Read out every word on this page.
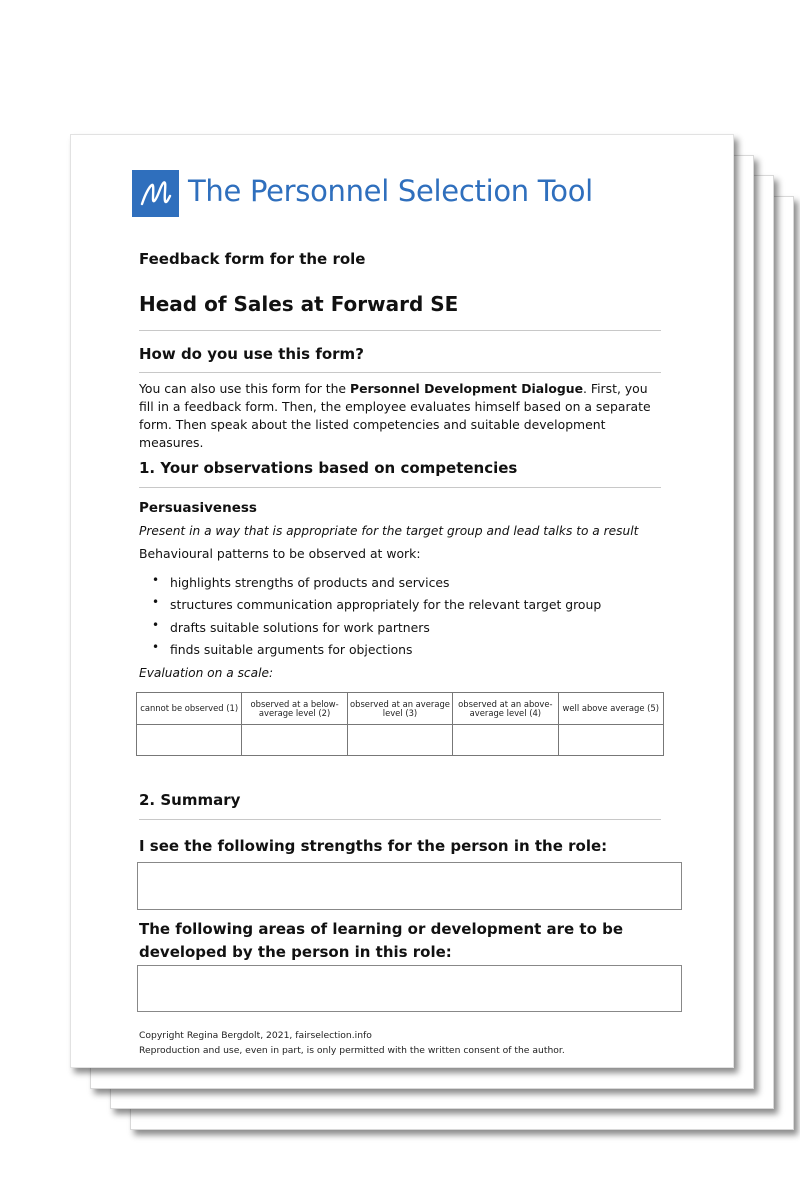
The Personnel Selection Tool
Feedback form for the role
Head of Sales at Forward SE
How do you use this form?
You can also use this form for the Personnel Development Dialogue. First, you fill in a feedback form. Then, the employee evaluates himself based on a separate form. Then speak about the listed competencies and suitable development measures.
1. Your observations based on competencies
Persuasiveness
Present in a way that is appropriate for the target group and lead talks to a result
Behavioural patterns to be observed at work:
• highlights strengths of products and services
• structures communication appropriately for the relevant target group
• drafts suitable solutions for work partners
• finds suitable arguments for objections
Evaluation on a scale:
cannot be observed (1)	observed at a below-average level (2)	observed at an average level (3)	observed at an above-average level (4)	well above average (5)

2. Summary
I see the following strengths for the person in the role:
The following areas of learning or development are to be developed by the person in this role:
Copyright Regina Bergdolt, 2021, fairselection.info
Reproduction and use, even in part, is only permitted with the written consent of the author.
